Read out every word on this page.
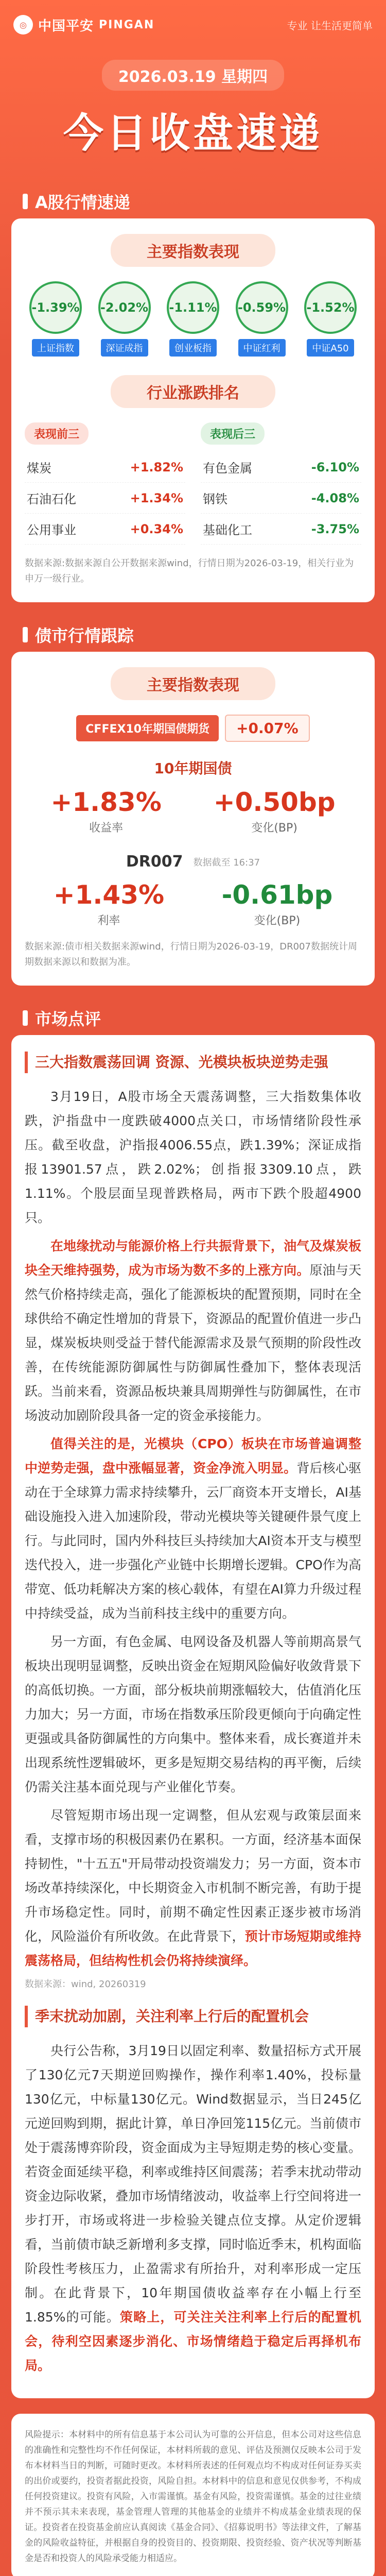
◎ 中国平安 PINGAN	专业 让生活更简单
2026.03.19 星期四
今日收盘速递
A股行情速递
主要指数表现
-1.39%
上证指数
-2.02%
深证成指
-1.11%
创业板指
-0.59%
中证红利
-1.52%
中证A50
行业涨跌排名
表现前三
煤炭	+1.82%
石油石化	+1.34%
公用事业	+0.34%
表现后三
有色金属	-6.10%
钢铁	-4.08%
基础化工	-3.75%

数据来源:数据来源自公开数据来源wind，行情日期为2026-03-19，相关行业为申万一级行业。

债市行情跟踪
主要指数表现
CFFEX10年期国债期货	+0.07%
10年期国债
+1.83%
收益率
+0.50bp
变化(BP)
DR007 数据截至 16:37
+1.43%
利率
-0.61bp
变化(BP)

数据来源:债市相关数据来源wind，行情日期为2026-03-19，DR007数据统计周期数据来源以和数据为准。

市场点评
三大指数震荡回调 资源、光模块板块逆势走强

3月19日，A股市场全天震荡调整，三大指数集体收跌，沪指盘中一度跌破4000点关口，市场情绪阶段性承压。截至收盘，沪指报4006.55点，跌1.39%；深证成指报13901.57点，跌2.02%；创指报3309.10点，跌1.11%。个股层面呈现普跌格局，两市下跌个股超4900只。

在地缘扰动与能源价格上行共振背景下，油气及煤炭板块全天维持强势，成为市场为数不多的上涨方向。原油与天然气价格持续走高，强化了能源板块的配置预期，同时在全球供给不确定性增加的背景下，资源品的配置价值进一步凸显，煤炭板块则受益于替代能源需求及景气预期的阶段性改善，在传统能源防御属性与防御属性叠加下，整体表现活跃。当前来看，资源品板块兼具周期弹性与防御属性，在市场波动加剧阶段具备一定的资金承接能力。

值得关注的是，光模块（CPO）板块在市场普遍调整中逆势走强，盘中涨幅显著，资金净流入明显。背后核心驱动在于全球算力需求持续攀升，云厂商资本开支增长，AI基础设施投入进入加速阶段，带动光模块等关键硬件景气度上行。与此同时，国内外科技巨头持续加大AI资本开支与模型迭代投入，进一步强化产业链中长期增长逻辑。CPO作为高带宽、低功耗解决方案的核心载体，有望在AI算力升级过程中持续受益，成为当前科技主线中的重要方向。

另一方面，有色金属、电网设备及机器人等前期高景气板块出现明显调整，反映出资金在短期风险偏好收敛背景下的高低切换。一方面，部分板块前期涨幅较大，估值消化压力加大；另一方面，市场在指数承压阶段更倾向于向确定性更强或具备防御属性的方向集中。整体来看，成长赛道并未出现系统性逻辑破坏，更多是短期交易结构的再平衡，后续仍需关注基本面兑现与产业催化节奏。

尽管短期市场出现一定调整，但从宏观与政策层面来看，支撑市场的积极因素仍在累积。一方面，经济基本面保持韧性，"十五五"开局带动投资端发力；另一方面，资本市场改革持续深化，中长期资金入市机制不断完善，有助于提升市场稳定性。同时，前期不确定性因素正逐步被市场消化，风险溢价有所收敛。在此背景下，预计市场短期或维持震荡格局，但结构性机会仍将持续演绎。

数据来源：wind, 20260319

季末扰动加剧，关注利率上行后的配置机会

央行公告称，3月19日以固定利率、数量招标方式开展了130亿元7天期逆回购操作，操作利率1.40%，投标量130亿元，中标量130亿元。Wind数据显示，当日245亿元逆回购到期，据此计算，单日净回笼115亿元。当前债市处于震荡博弈阶段，资金面成为主导短期走势的核心变量。若资金面延续平稳，利率或维持区间震荡；若季末扰动带动资金边际收紧，叠加市场情绪波动，收益率上行空间将进一步打开，市场或将进一步检验关键点位支撑。从定价逻辑看，当前债市缺乏新增利多支撑，同时临近季末，机构面临阶段性考核压力，止盈需求有所抬升，对利率形成一定压制。在此背景下，10年期国债收益率存在小幅上行至1.85%的可能。策略上，可关注关注利率上行后的配置机会，待利空因素逐步消化、市场情绪趋于稳定后再择机布局。

风险提示：本材料中的所有信息基于本公司认为可靠的公开信息，但本公司对这些信息的准确性和完整性均不作任何保证，本材料所载的意见、评估及预测仅反映本公司于发布本材料当日的判断，可随时更改。本材料所表述的任何观点均不构成对任何证券买卖的出价或要约，投资者据此投资，风险自担。本材料中的信息和意见仅供参考，不构成任何投资建议。投资有风险，入市需谨慎。基金有风险，投资需谨慎。基金的过往业绩并不预示其未来表现，基金管理人管理的其他基金的业绩并不构成基金业绩表现的保证。投资者在投资基金前应认真阅读《基金合同》、《招募说明书》等法律文件，了解基金的风险收益特征，并根据自身的投资目的、投资期限、投资经验、资产状况等判断基金是否和投资人的风险承受能力相适应。
